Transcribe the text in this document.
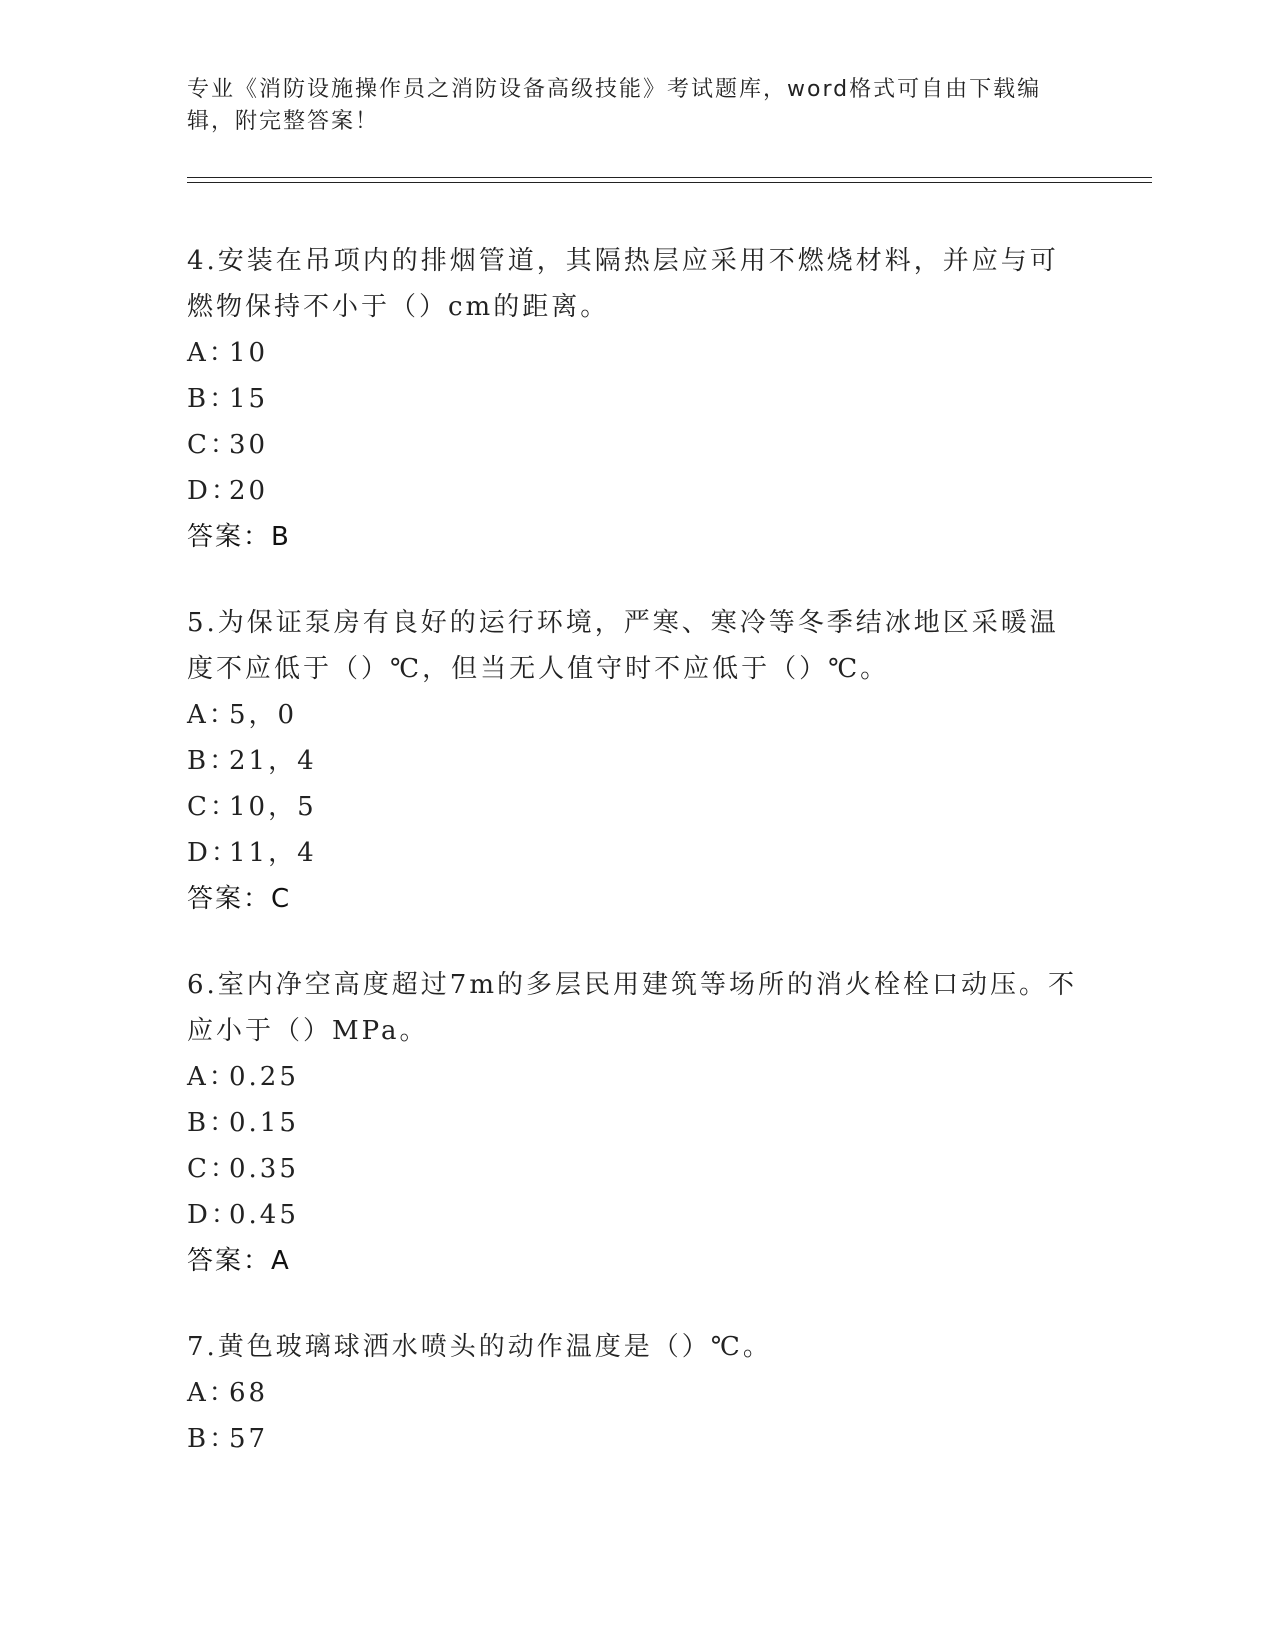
专业《消防设施操作员之消防设备高级技能》考试题库，word格式可自由下载编辑，附完整答案！
4.安装在吊项内的排烟管道，其隔热层应采用不燃烧材料，并应与可燃物保持不小于（）cm的距离。
A：
10
B：
15
C：
30
D：
20
答案：B
5.为保证泵房有良好的运行环境，严寒、寒冷等冬季结冰地区采暖温度不应低于（）℃，但当无人值守时不应低于（）℃。
A：
5，0
B：
21，4
C：
10，5
D：
11，4
答案：C
6.室内净空高度超过7m的多层民用建筑等场所的消火栓栓口动压。不应小于（）MPa。
A：
0.25
B：
0.15
C：
0.35
D：
0.45
答案：A
7.黄色玻璃球洒水喷头的动作温度是（）℃。
A：
68
B：
57
